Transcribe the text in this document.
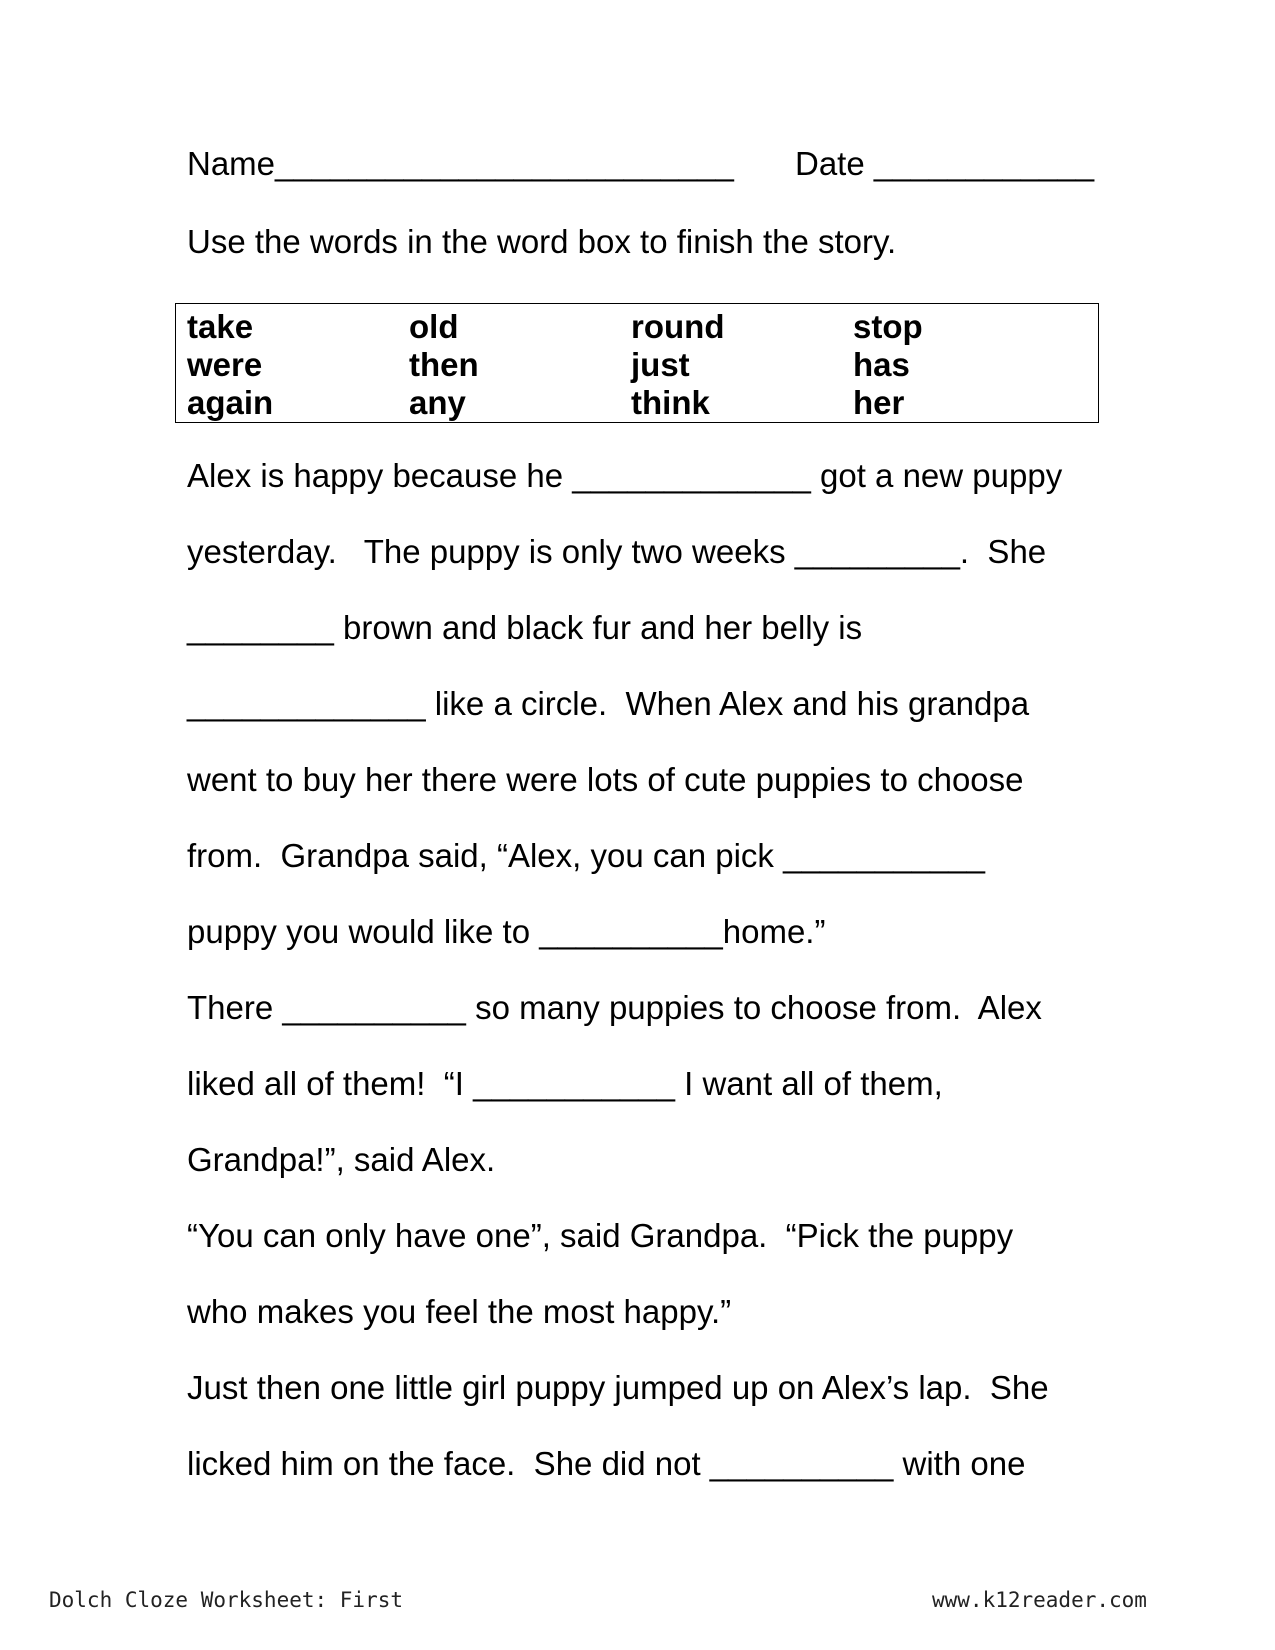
Name_________________________ Date ____________
Use the words in the word box to finish the story.
take
were
again
old
then
any
round
just
think
stop
has
her
Alex is happy because he _____________ got a new puppy
yesterday.   The puppy is only two weeks _________.  She
________ brown and black fur and her belly is
_____________ like a circle.  When Alex and his grandpa
went to buy her there were lots of cute puppies to choose
from.  Grandpa said, “Alex, you can pick ___________
puppy you would like to __________home.”
There __________ so many puppies to choose from.  Alex
liked all of them!  “I ___________ I want all of them,
Grandpa!”, said Alex.
“You can only have one”, said Grandpa.  “Pick the puppy
who makes you feel the most happy.”
Just then one little girl puppy jumped up on Alex’s lap.  She
licked him on the face.  She did not __________ with one
Dolch Cloze Worksheet: First	www.k12reader.com
